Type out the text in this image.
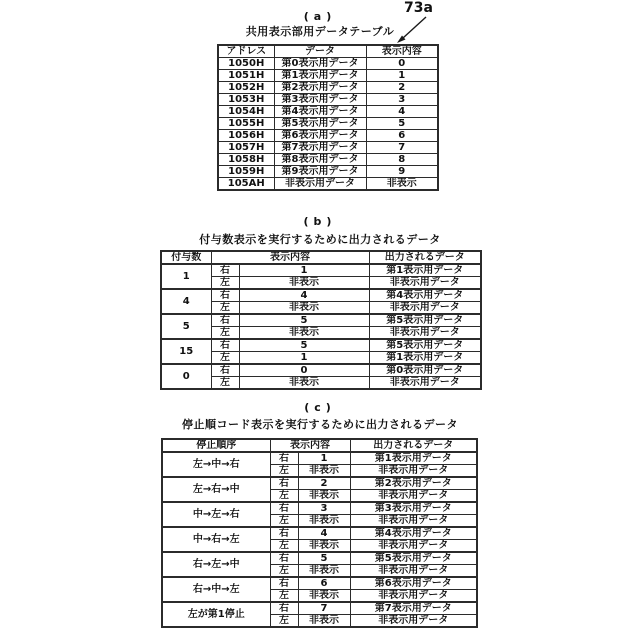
(a)
共用表示部用データテーブル
73a
アドレス	データ	表示内容
1050H	第0表示用データ	0
1051H	第1表示用データ	1
1052H	第2表示用データ	2
1053H	第3表示用データ	3
1054H	第4表示用データ	4
1055H	第5表示用データ	5
1056H	第6表示用データ	6
1057H	第7表示用データ	7
1058H	第8表示用データ	8
1059H	第9表示用データ	9
105AH	非表示用データ	非表示
(b)
付与数表示を実行するために出力されるデータ
付与数	表示内容		出力されるデータ
1	右	1	第1表示用データ
	左	非表示	非表示用データ
4	右	4	第4表示用データ
	左	非表示	非表示用データ
5	右	5	第5表示用データ
	左	非表示	非表示用データ
15	右	5	第5表示用データ
	左	1	第1表示用データ
0	右	0	第0表示用データ
	左	非表示	非表示用データ
(c)
停止順コード表示を実行するために出力されるデータ
停止順序	表示内容		出力されるデータ
左→中→右	右	1	第1表示用データ
	左	非表示	非表示用データ
左→右→中	右	2	第2表示用データ
	左	非表示	非表示用データ
中→左→右	右	3	第3表示用データ
	左	非表示	非表示用データ
中→右→左	右	4	第4表示用データ
	左	非表示	非表示用データ
右→左→中	右	5	第5表示用データ
	左	非表示	非表示用データ
右→中→左	右	6	第6表示用データ
	左	非表示	非表示用データ
左が第1停止	右	7	第7表示用データ
	左	非表示	非表示用データ
